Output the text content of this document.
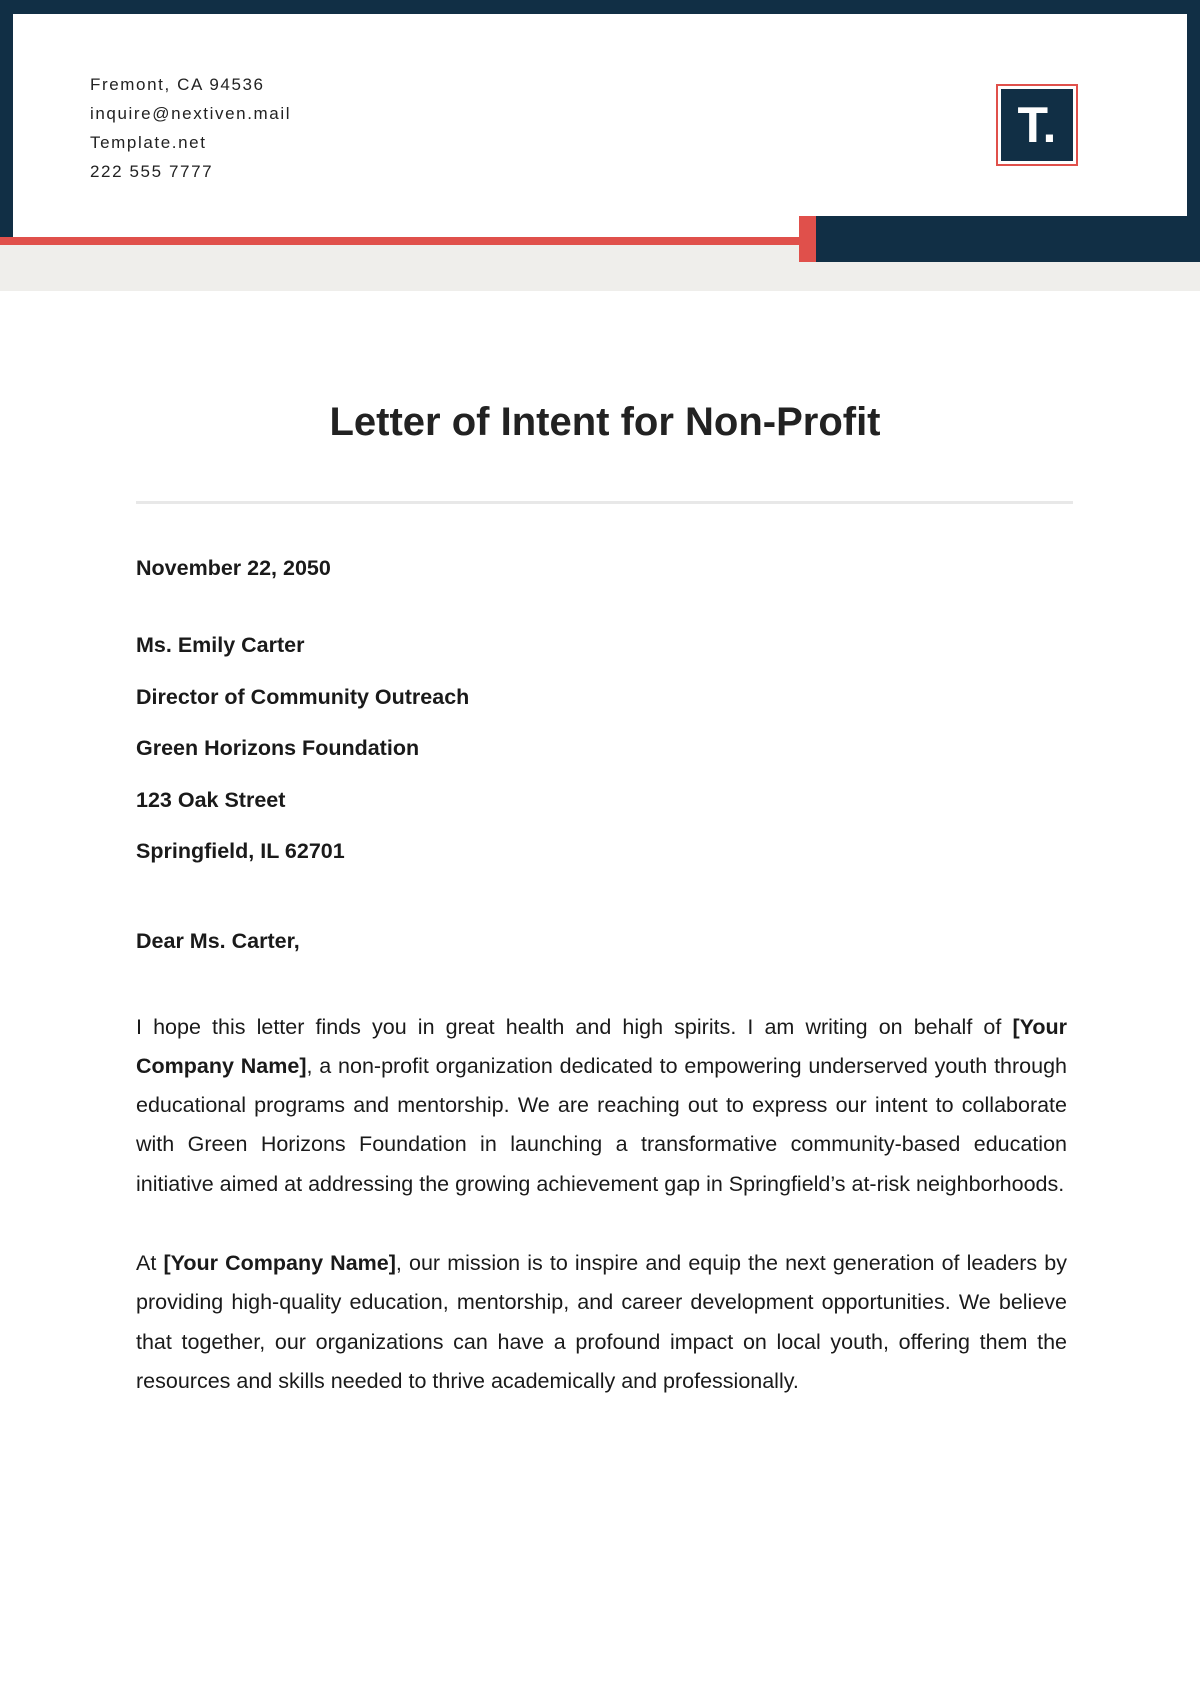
Fremont, CA 94536
inquire@nextiven.mail
Template.net
222 555 7777
T.
Letter of Intent for Non-Profit
November 22, 2050
Ms. Emily Carter
Director of Community Outreach
Green Horizons Foundation
123 Oak Street
Springfield, IL 62701
Dear Ms. Carter,

I hope this letter finds you in great health and high spirits. I am writing on behalf of [Your Company Name], a non-profit organization dedicated to empowering underserved youth through educational programs and mentorship. We are reaching out to express our intent to collaborate with Green Horizons Foundation in launching a transformative community-based education initiative aimed at addressing the growing achievement gap in Springfield’s at-risk neighborhoods.

At [Your Company Name], our mission is to inspire and equip the next generation of leaders by providing high-quality education, mentorship, and career development opportunities. We believe that together, our organizations can have a profound impact on local youth, offering them the resources and skills needed to thrive academically and professionally.
